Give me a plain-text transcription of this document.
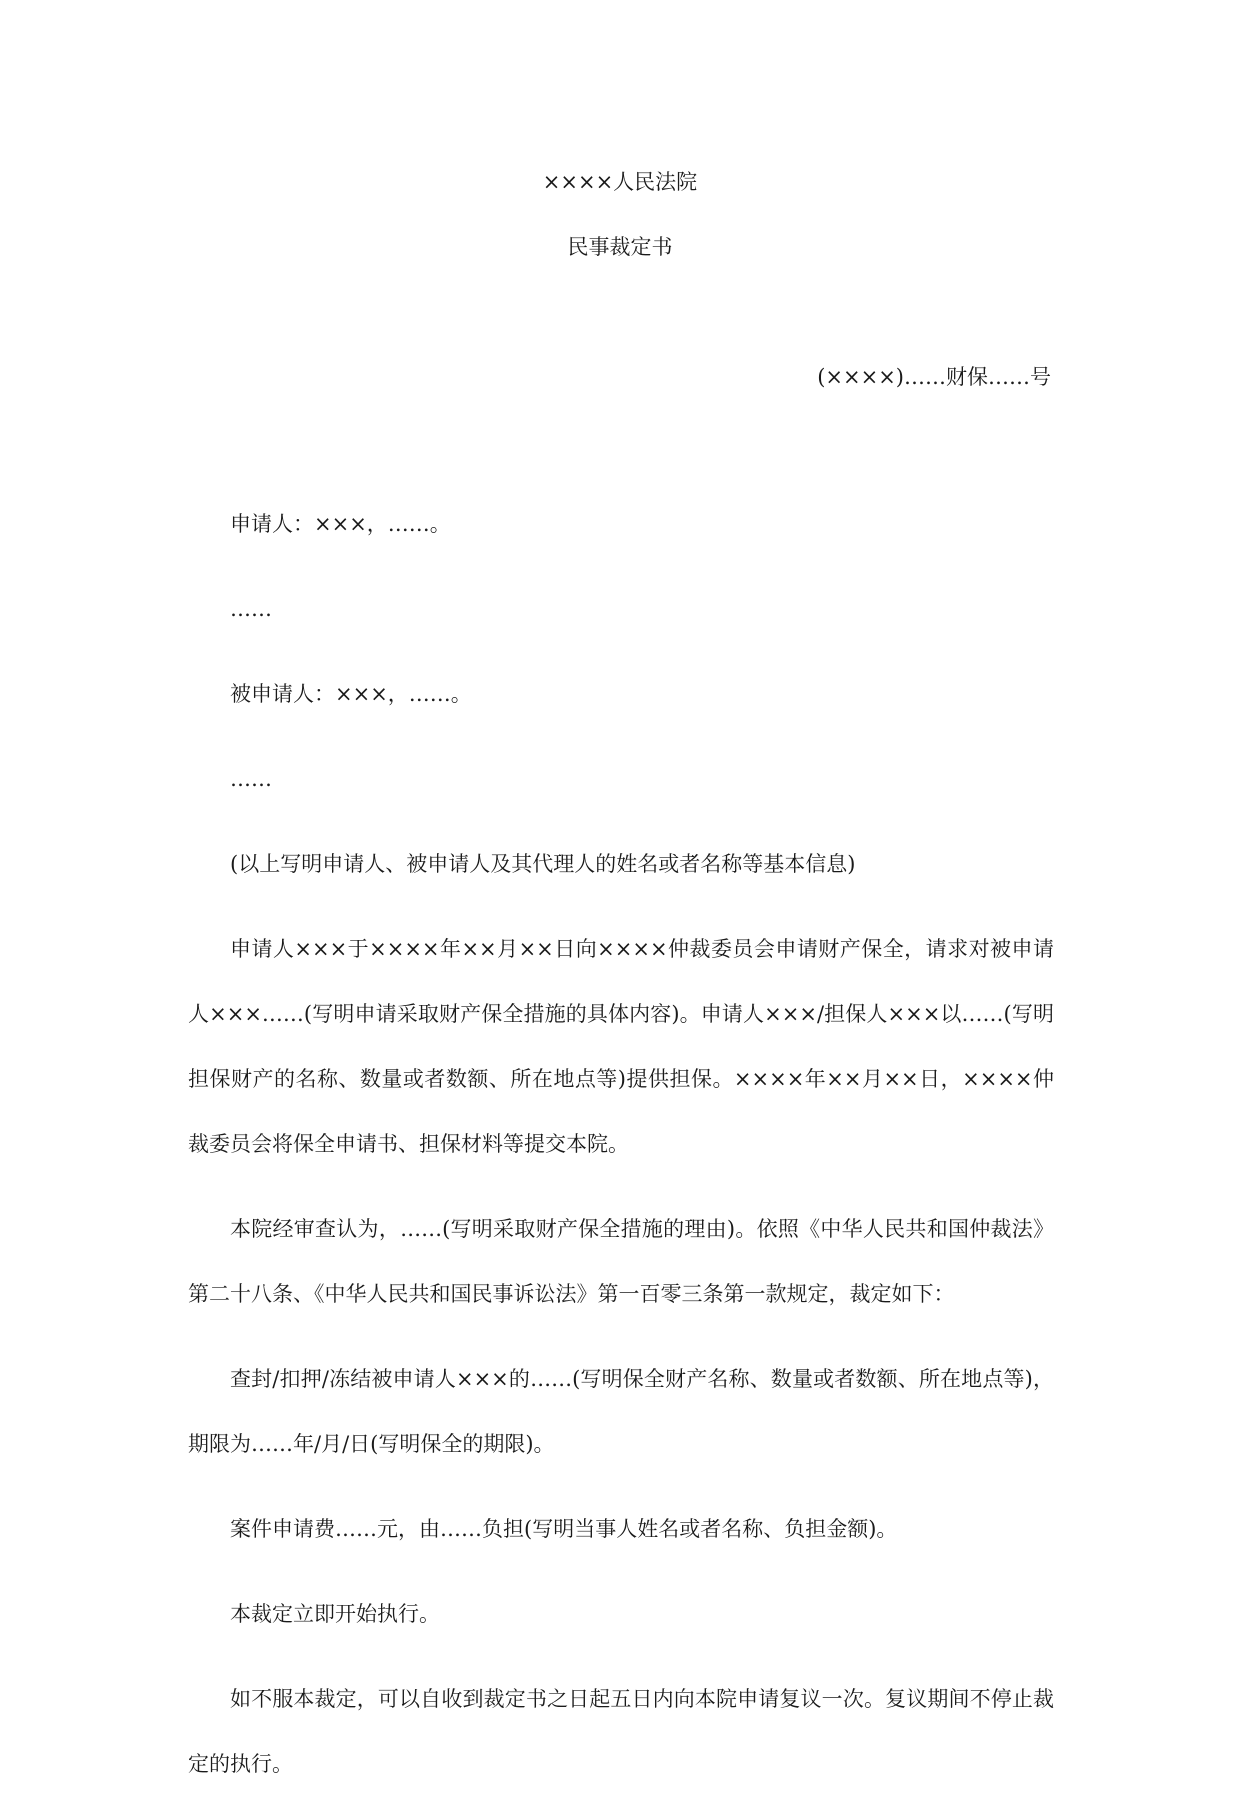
××××人民法院
民事裁定书
(××××)……财保……号

申请人：×××，……。

……

被申请人：×××，……。

……

(以上写明申请人、被申请人及其代理人的姓名或者名称等基本信息)

申请人×××于××××年××月××日向××××仲裁委员会申请财产保全，请求对被申请人×××……(写明申请采取财产保全措施的具体内容)。申请人×××/担保人×××以……(写明担保财产的名称、数量或者数额、所在地点等)提供担保。××××年××月××日，××××仲裁委员会将保全申请书、担保材料等提交本院。

本院经审查认为，……(写明采取财产保全措施的理由)。依照《中华人民共和国仲裁法》第二十八条、《中华人民共和国民事诉讼法》第一百零三条第一款规定，裁定如下：

查封/扣押/冻结被申请人×××的……(写明保全财产名称、数量或者数额、所在地点等)，期限为……年/月/日(写明保全的期限)。

案件申请费……元，由……负担(写明当事人姓名或者名称、负担金额)。

本裁定立即开始执行。

如不服本裁定，可以自收到裁定书之日起五日内向本院申请复议一次。复议期间不停止裁定的执行。
